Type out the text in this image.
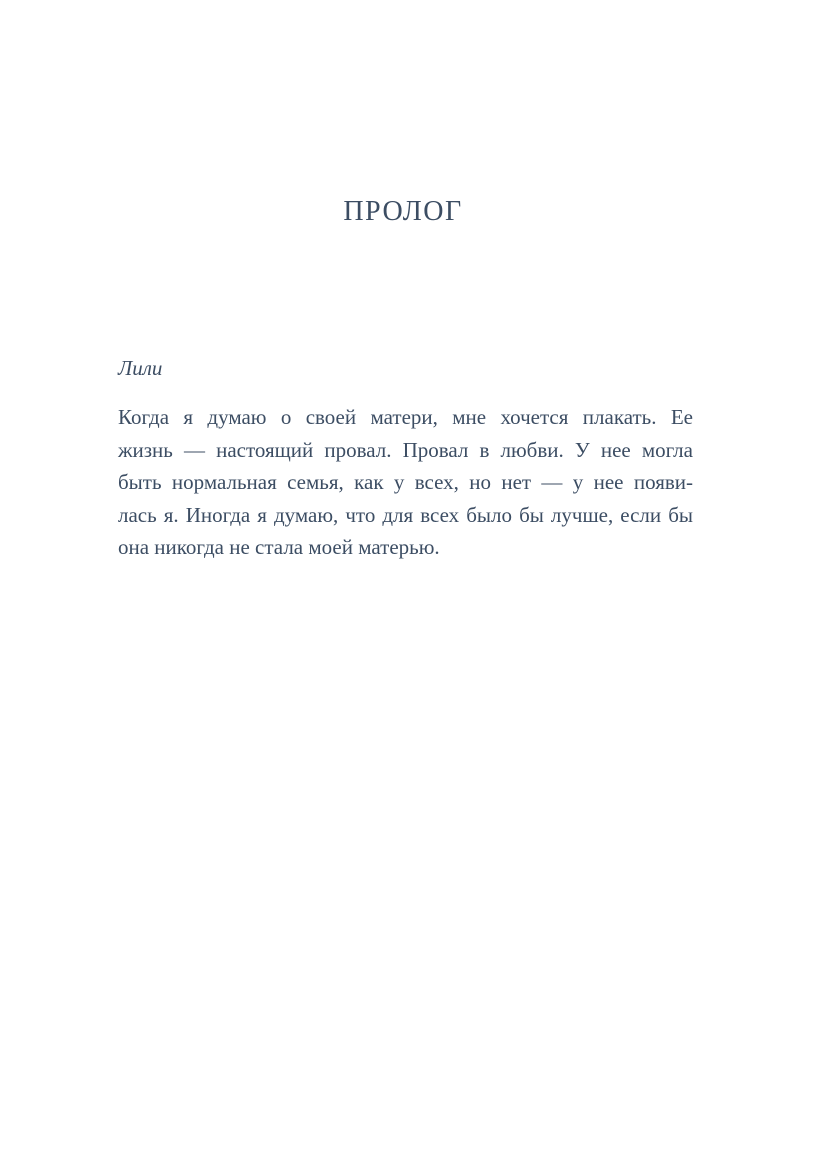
ПРОЛОГ
Лили
Когда я думаю о своей матери, мне хочется плакать. Ее
жизнь — настоящий провал. Провал в любви. У нее могла
быть нормальная семья, как у всех, но нет — у нее появи-
лась я. Иногда я думаю, что для всех было бы лучше, если бы
она никогда не стала моей матерью.
